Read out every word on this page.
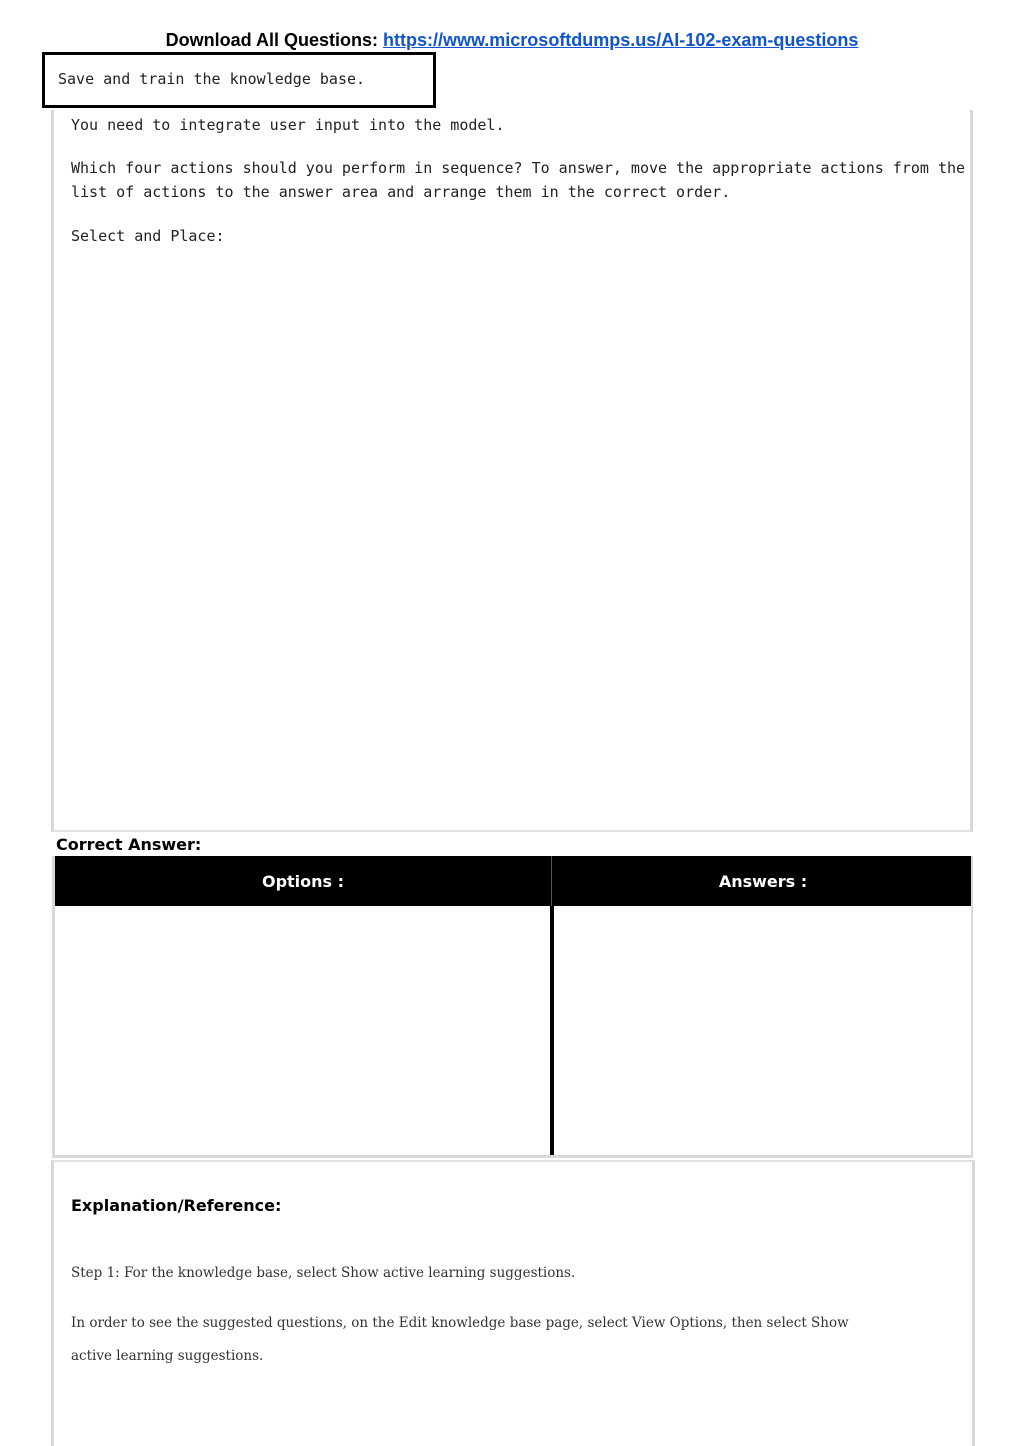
Download All Questions: https://www.microsoftdumps.us/AI-102-exam-questions
Save and train the knowledge base.

You need to integrate user input into the model.

Which four actions should you perform in sequence? To answer, move the appropriate actions from the

list of actions to the answer area and arrange them in the correct order.

Select and Place:

Correct Answer:
Options :	Answers :

Explanation/Reference:

Step 1: For the knowledge base, select Show active learning suggestions.

In order to see the suggested questions, on the Edit knowledge base page, select View Options, then select Show

active learning suggestions.
